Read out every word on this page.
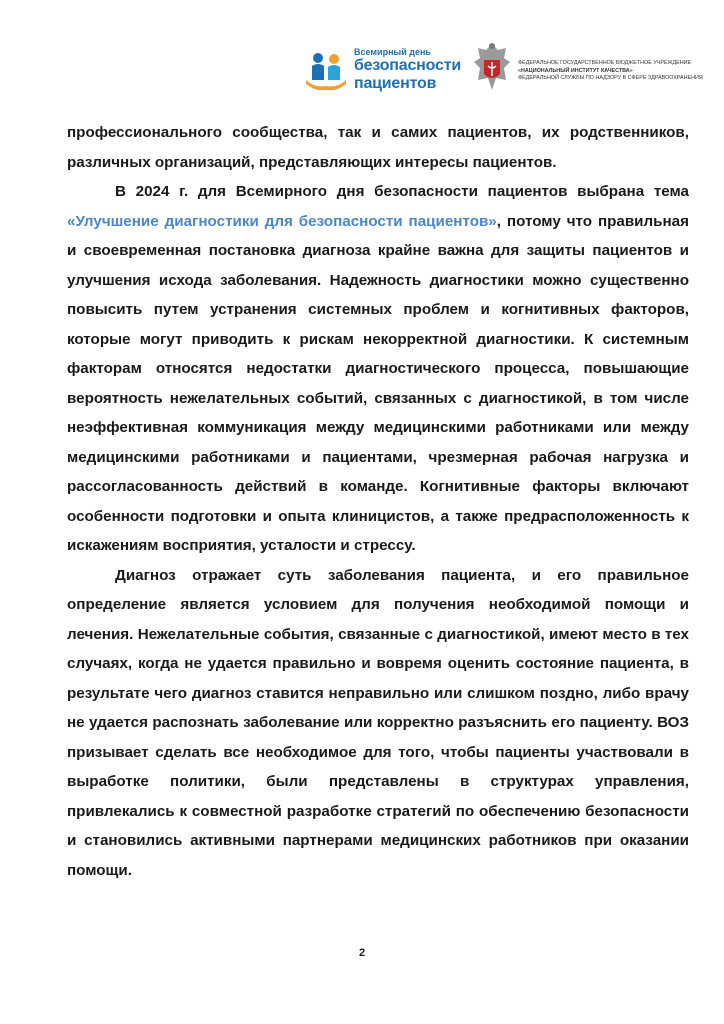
Всемирный день
безопасности
пациентов
ФЕДЕРАЛЬНОЕ ГОСУДАРСТВЕННОЕ БЮДЖЕТНОЕ УЧРЕЖДЕНИЕ
«НАЦИОНАЛЬНЫЙ ИНСТИТУТ КАЧЕСТВА»
ФЕДЕРАЛЬНОЙ СЛУЖБЫ ПО НАДЗОРУ В СФЕРЕ ЗДРАВООХРАНЕНИЯ

профессионального сообщества, так и самих пациентов, их родственников, различных организаций, представляющих интересы пациентов.

В 2024 г. для Всемирного дня безопасности пациентов выбрана тема «Улучшение диагностики для безопасности пациентов», потому что правильная и своевременная постановка диагноза крайне важна для защиты пациентов и улучшения исхода заболевания. Надежность диагностики можно существенно повысить путем устранения системных проблем и когнитивных факторов, которые могут приводить к рискам некорректной диагностики. К системным факторам относятся недостатки диагностического процесса, повышающие вероятность нежелательных событий, связанных с диагностикой, в том числе неэффективная коммуникация между медицинскими работниками или между медицинскими работниками и пациентами, чрезмерная рабочая нагрузка и рассогласованность действий в команде. Когнитивные факторы включают особенности подготовки и опыта клиницистов, а также предрасположенность к искажениям восприятия, усталости и стрессу.

Диагноз отражает суть заболевания пациента, и его правильное определение является условием для получения необходимой помощи и лечения. Нежелательные события, связанные с диагностикой, имеют место в тех случаях, когда не удается правильно и вовремя оценить состояние пациента, в результате чего диагноз ставится неправильно или слишком поздно, либо врачу не удается распознать заболевание или корректно разъяснить его пациенту. ВОЗ призывает сделать все необходимое для того, чтобы пациенты участвовали в выработке политики, были представлены в структурах управления, привлекались к совместной разработке стратегий по обеспечению безопасности и становились активными партнерами медицинских работников при оказании помощи.

2
